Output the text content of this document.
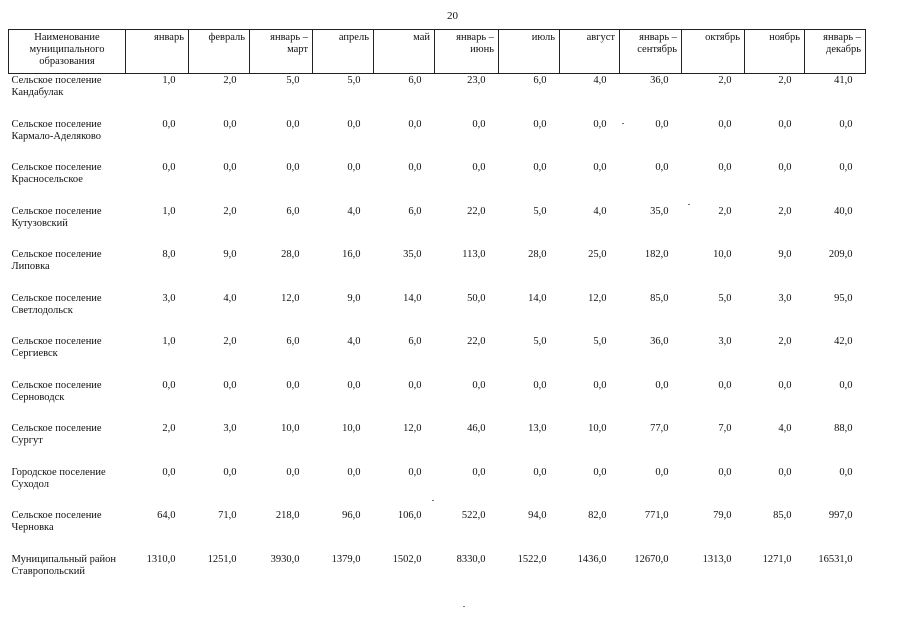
20
Наименование муниципального образования	январь	февраль	январь – март	апрель	май	январь – июнь	июль	август	январь – сентябрь	октябрь	ноябрь	январь – декабрь
Сельское поселение Кандабулак	1,0	2,0	5,0	5,0	6,0	23,0	6,0	4,0	36,0	2,0	2,0	41,0
Сельское поселение Кармало-Аделяково	0,0	0,0	0,0	0,0	0,0	0,0	0,0	0,0	0,0	0,0	0,0	0,0
Сельское поселение Красносельское	0,0	0,0	0,0	0,0	0,0	0,0	0,0	0,0	0,0	0,0	0,0	0,0
Сельское поселение Кутузовский	1,0	2,0	6,0	4,0	6,0	22,0	5,0	4,0	35,0	2,0	2,0	40,0
Сельское поселение Липовка	8,0	9,0	28,0	16,0	35,0	113,0	28,0	25,0	182,0	10,0	9,0	209,0
Сельское поселение Светлодольск	3,0	4,0	12,0	9,0	14,0	50,0	14,0	12,0	85,0	5,0	3,0	95,0
Сельское поселение Сергиевск	1,0	2,0	6,0	4,0	6,0	22,0	5,0	5,0	36,0	3,0	2,0	42,0
Сельское поселение Серноводск	0,0	0,0	0,0	0,0	0,0	0,0	0,0	0,0	0,0	0,0	0,0	0,0
Сельское поселение Сургут	2,0	3,0	10,0	10,0	12,0	46,0	13,0	10,0	77,0	7,0	4,0	88,0
Городское поселение Суходол	0,0	0,0	0,0	0,0	0,0	0,0	0,0	0,0	0,0	0,0	0,0	0,0
Сельское поселение Черновка	64,0	71,0	218,0	96,0	106,0	522,0	94,0	82,0	771,0	79,0	85,0	997,0
Муниципальный район Ставропольский	1310,0	1251,0	3930,0	1379,0	1502,0	8330,0	1522,0	1436,0	12670,0	1313,0	1271,0	16531,0
